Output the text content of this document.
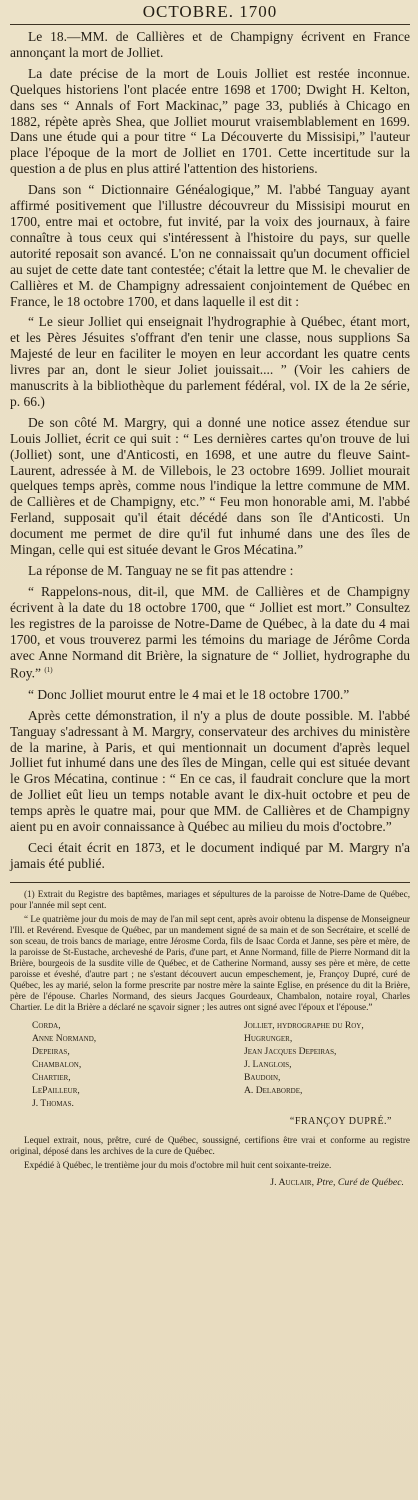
OCTOBRE. 1700

Le 18.—MM. de Callières et de Champigny écrivent en France annonçant la mort de Jolliet.

La date précise de la mort de Louis Jolliet est restée inconnue. Quelques historiens l'ont placée entre 1698 et 1700; Dwight H. Kelton, dans ses “ Annals of Fort Mackinac,” page 33, publiés à Chicago en 1882, répète après Shea, que Jolliet mourut vraisemblablement en 1699. Dans une étude qui a pour titre “ La Découverte du Missisipi,” l'auteur place l'époque de la mort de Jolliet en 1701. Cette incertitude sur la question a de plus en plus attiré l'attention des historiens.

Dans son “ Dictionnaire Généalogique,” M. l'abbé Tanguay ayant affirmé positivement que l'illustre découvreur du Missisipi mourut en 1700, entre mai et octobre, fut invité, par la voix des journaux, à faire connaître à tous ceux qui s'intéressent à l'histoire du pays, sur quelle autorité reposait son avancé. L'on ne connaissait qu'un document officiel au sujet de cette date tant contestée; c'était la lettre que M. le chevalier de Callières et M. de Champigny adressaient conjointement de Québec en France, le 18 octobre 1700, et dans laquelle il est dit :

“ Le sieur Jolliet qui enseignait l'hydrographie à Québec, étant mort, et les Pères Jésuites s'offrant d'en tenir une classe, nous supplions Sa Majesté de leur en faciliter le moyen en leur accordant les quatre cents livres par an, dont le sieur Joliet jouissait.... ” (Voir les cahiers de manuscrits à la bibliothèque du parlement fédéral, vol. IX de la 2e série, p. 66.)

De son côté M. Margry, qui a donné une notice assez étendue sur Louis Jolliet, écrit ce qui suit : “ Les dernières cartes qu'on trouve de lui (Jolliet) sont, une d'Anticosti, en 1698, et une autre du fleuve Saint-Laurent, adressée à M. de Villebois, le 23 octobre 1699. Jolliet mourait quelques temps après, comme nous l'indique la lettre commune de MM. de Callières et de Champigny, etc.” “ Feu mon honorable ami, M. l'abbé Ferland, supposait qu'il était décédé dans son île d'Anticosti. Un document me permet de dire qu'il fut inhumé dans une des îles de Mingan, celle qui est située devant le Gros Mécatina.”

La réponse de M. Tanguay ne se fit pas attendre :

“ Rappelons-nous, dit-il, que MM. de Callières et de Champigny écrivent à la date du 18 octobre 1700, que “ Jolliet est mort.” Consultez les registres de la paroisse de Notre-Dame de Québec, à la date du 4 mai 1700, et vous trouverez parmi les témoins du mariage de Jérôme Corda avec Anne Normand dit Brière, la signature de “ Jolliet, hydrographe du Roy.” $^{(1)}$

“ Donc Jolliet mourut entre le 4 mai et le 18 octobre 1700.”

Après cette démonstration, il n'y a plus de doute possible. M. l'abbé Tanguay s'adressant à M. Margry, conservateur des archives du ministère de la marine, à Paris, et qui mentionnait un document d'après lequel Jolliet fut inhumé dans une des îles de Mingan, celle qui est située devant le Gros Mécatina, continue : “ En ce cas, il faudrait conclure que la mort de Jolliet eût lieu un temps notable avant le dix-huit octobre et peu de temps après le quatre mai, pour que MM. de Callières et de Champigny aient pu en avoir connaissance à Québec au milieu du mois d'octobre.”

Ceci était écrit en 1873, et le document indiqué par M. Margry n'a jamais été publié.

(1) Extrait du Registre des baptêmes, mariages et sépultures de la paroisse de Notre-Dame de Québec, pour l'année mil sept cent.

“ Le quatrième jour du mois de may de l'an mil sept cent, après avoir obtenu la dispense de Monseigneur l'Ill. et Revérend. Evesque de Québec, par un mandement signé de sa main et de son Secrétaire, et scellé de son sceau, de trois bancs de mariage, entre Jérosme Corda, fils de Isaac Corda et Janne, ses père et mère, de la paroisse de St-Eustache, archeveshé de Paris, d'une part, et Anne Normand, fille de Pierre Normand dit la Brière, bourgeois de la susdite ville de Québec, et de Catherine Normand, aussy ses père et mère, de cette paroisse et éveshé, d'autre part ; ne s'estant découvert aucun empeschement, je, Françoy Dupré, curé de Québec, les ay marié, selon la forme prescrite par nostre mère la sainte Eglise, en présence du dit la Brière, père de l'épouse. Charles Normand, des sieurs Jacques Gourdeaux, Chambalon, notaire royal, Charles Chartier. Le dit la Brière a déclaré ne sçavoir signer ; les autres ont signé avec l'époux et l'épouse.”

Corda,
Anne Normand,
Depeiras,
Chambalon,
Chartier,
LePailleur,
J. Thomas.
Jolliet, hydrographe du Roy,
Hugrunger,
Jean Jacques Depeiras,
J. Langlois,
Baudoin,
A. Delaborde,
“FRANÇOY DUPRÉ.”

Lequel extrait, nous, prêtre, curé de Québec, soussigné, certifions être vrai et conforme au registre original, déposé dans les archives de la cure de Québec.

Expédié à Québec, le trentième jour du mois d'octobre mil huit cent soixante-treize.

J. Auclair, Ptre, Curé de Québec.
